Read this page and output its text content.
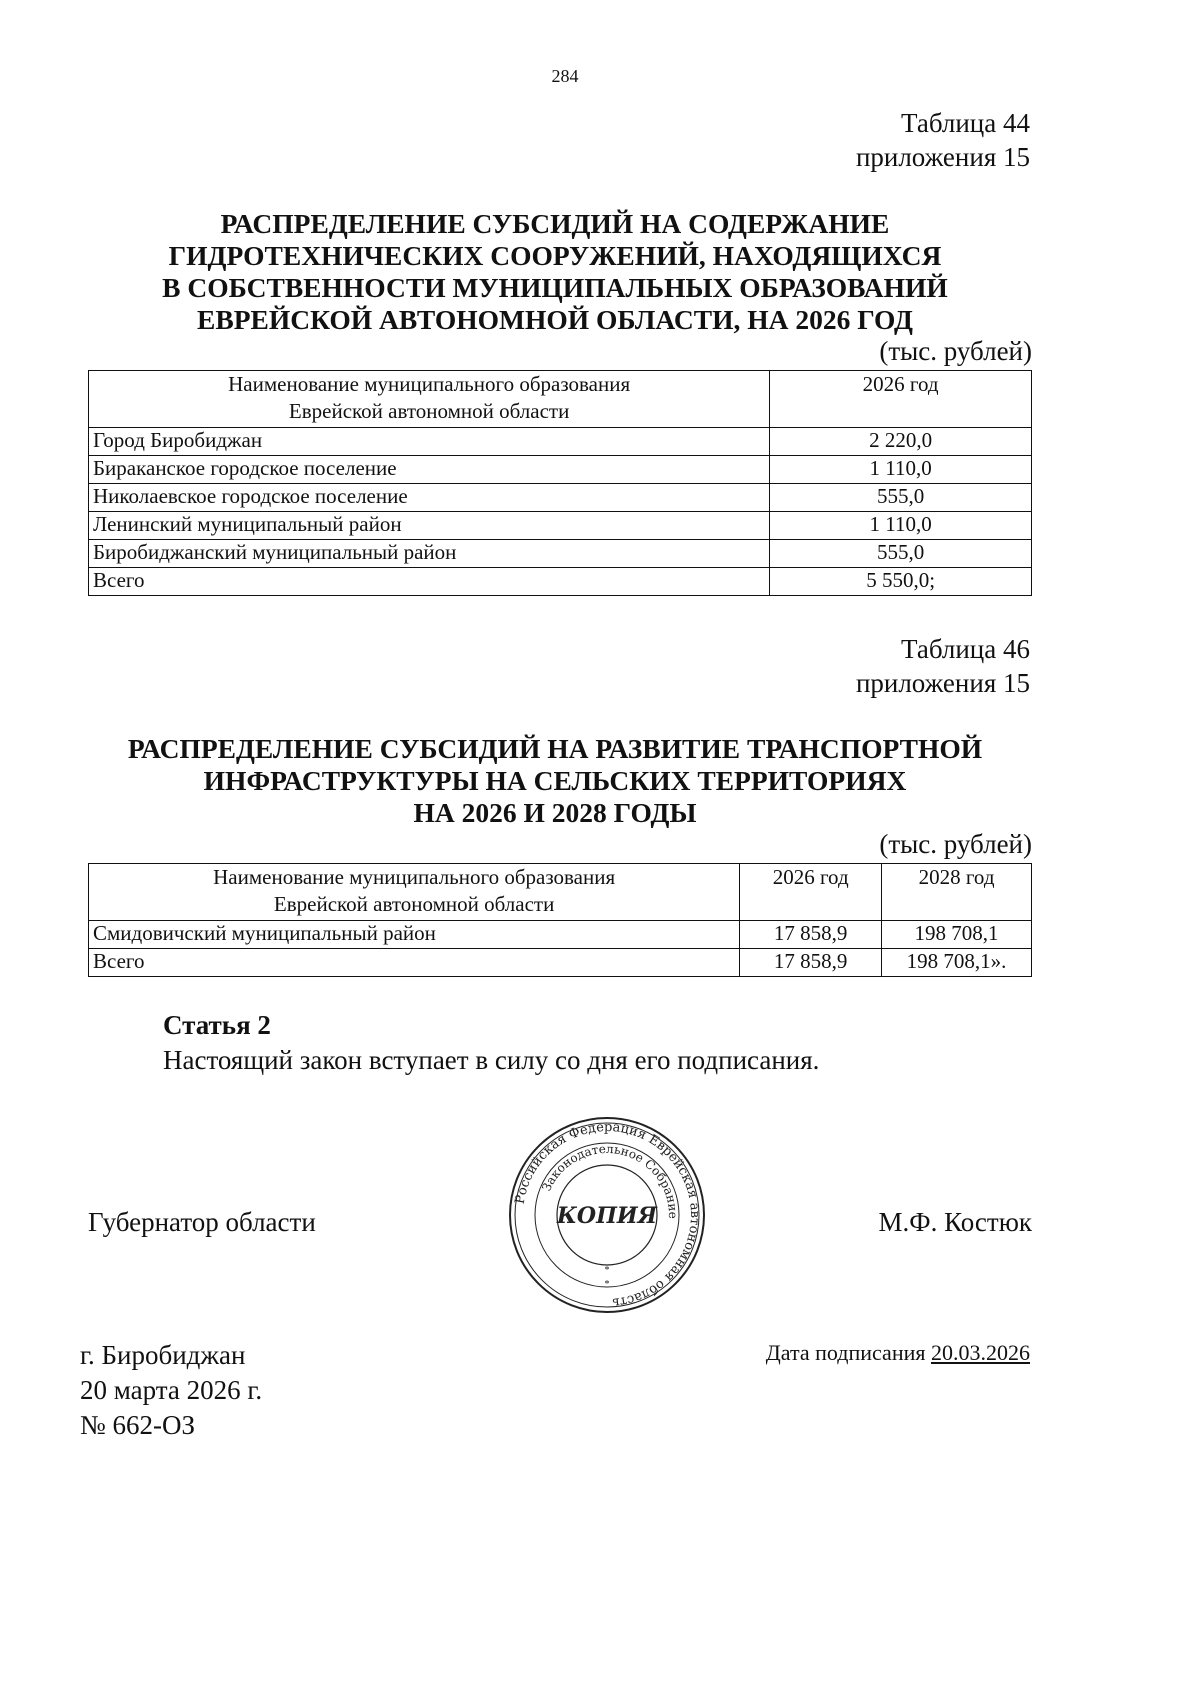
284
Таблица 44
приложения 15
РАСПРЕДЕЛЕНИЕ СУБСИДИЙ НА СОДЕРЖАНИЕ
ГИДРОТЕХНИЧЕСКИХ СООРУЖЕНИЙ, НАХОДЯЩИХСЯ
В СОБСТВЕННОСТИ МУНИЦИПАЛЬНЫХ ОБРАЗОВАНИЙ
ЕВРЕЙСКОЙ АВТОНОМНОЙ ОБЛАСТИ, НА 2026 ГОД
(тыс. рублей)
Наименование муниципального образования
Еврейской автономной области	2026 год
Город Биробиджан	2 220,0
Бираканское городское поселение	1 110,0
Николаевское городское поселение	555,0
Ленинский муниципальный район	1 110,0
Биробиджанский муниципальный район	555,0
Всего	5 550,0;
Таблица 46
приложения 15
РАСПРЕДЕЛЕНИЕ СУБСИДИЙ НА РАЗВИТИЕ ТРАНСПОРТНОЙ
ИНФРАСТРУКТУРЫ НА СЕЛЬСКИХ ТЕРРИТОРИЯХ
НА 2026 И 2028 ГОДЫ
(тыс. рублей)
Наименование муниципального образования
Еврейской автономной области	2026 год	2028 год
Смидовичский муниципальный район	17 858,9	198 708,1
Всего	17 858,9	198 708,1».
Статья 2
Настоящий закон вступает в силу со дня его подписания.
Губернатор области	М.Ф. Костюк
Российская Федерация Еврейская автономная область
Законодательное Собрание
КОПИЯ
*
*
г. Биробиджан
20 марта 2026 г.
№ 662-ОЗ
Дата подписания 20.03.2026
